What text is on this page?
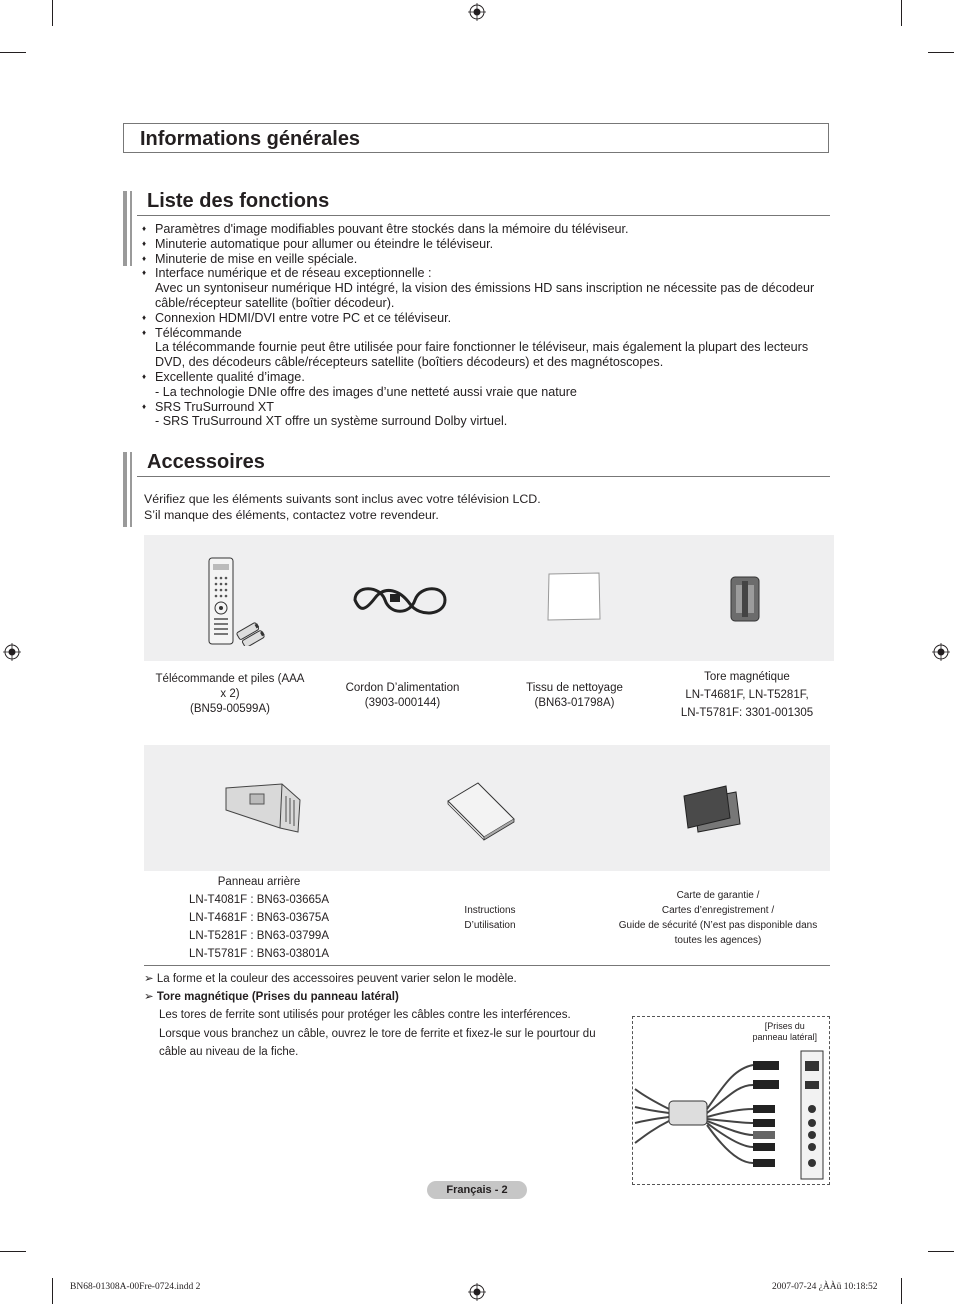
Informations générales
Liste des fonctions
♦ Paramètres d'image modifiables pouvant être stockés dans la mémoire du téléviseur.
♦ Minuterie automatique pour allumer ou éteindre le téléviseur.
♦ Minuterie de mise en veille spéciale.
♦ Interface numérique et de réseau exceptionnelle :
Avec un syntoniseur numérique HD intégré, la vision des émissions HD sans inscription ne nécessite pas de décodeur câble/récepteur satellite (boîtier décodeur).
♦ Connexion HDMI/DVI entre votre PC et ce téléviseur.
♦ Télécommande
La télécommande fournie peut être utilisée pour faire fonctionner le téléviseur, mais également la plupart des lecteurs DVD, des décodeurs câble/récepteurs satellite (boîtiers décodeurs) et des magnétoscopes.
♦ Excellente qualité d’image.
- La technologie DNIe offre des images d’une netteté aussi vraie que nature
♦ SRS TruSurround XT
- SRS TruSurround XT offre un système surround Dolby virtuel.
Accessoires
Vérifiez que les éléments suivants sont inclus avec votre télévision LCD.
S’il manque des éléments, contactez votre revendeur.
Télécommande et piles (AAA
x 2)
(BN59-00599A)
Cordon D’alimentation
(3903-000144)
Tissu de nettoyage
(BN63-01798A)
Tore magnétique
LN-T4681F, LN-T5281F,
LN-T5781F: 3301-001305
Panneau arrière
LN-T4081F : BN63-03665A
LN-T4681F : BN63-03675A
LN-T5281F : BN63-03799A
LN-T5781F : BN63-03801A
Instructions
D’utilisation
Carte de garantie /
Cartes d’enregistrement /
Guide de sécurité (N’est pas disponible dans
toutes les agences)
➢ La forme et la couleur des accessoires peuvent varier selon le modèle.
➢ Tore magnétique (Prises du panneau latéral)
Les tores de ferrite sont utilisés pour protéger les câbles contre les interférences.
Lorsque vous branchez un câble, ouvrez le tore de ferrite et fixez-le sur le pourtour du
câble au niveau de la fiche.
[Prises du
panneau latéral]
Français - 2
BN68-01308A-00Fre-0724.indd 2	2007-07-24 ¿ÀÀü 10:18:52
